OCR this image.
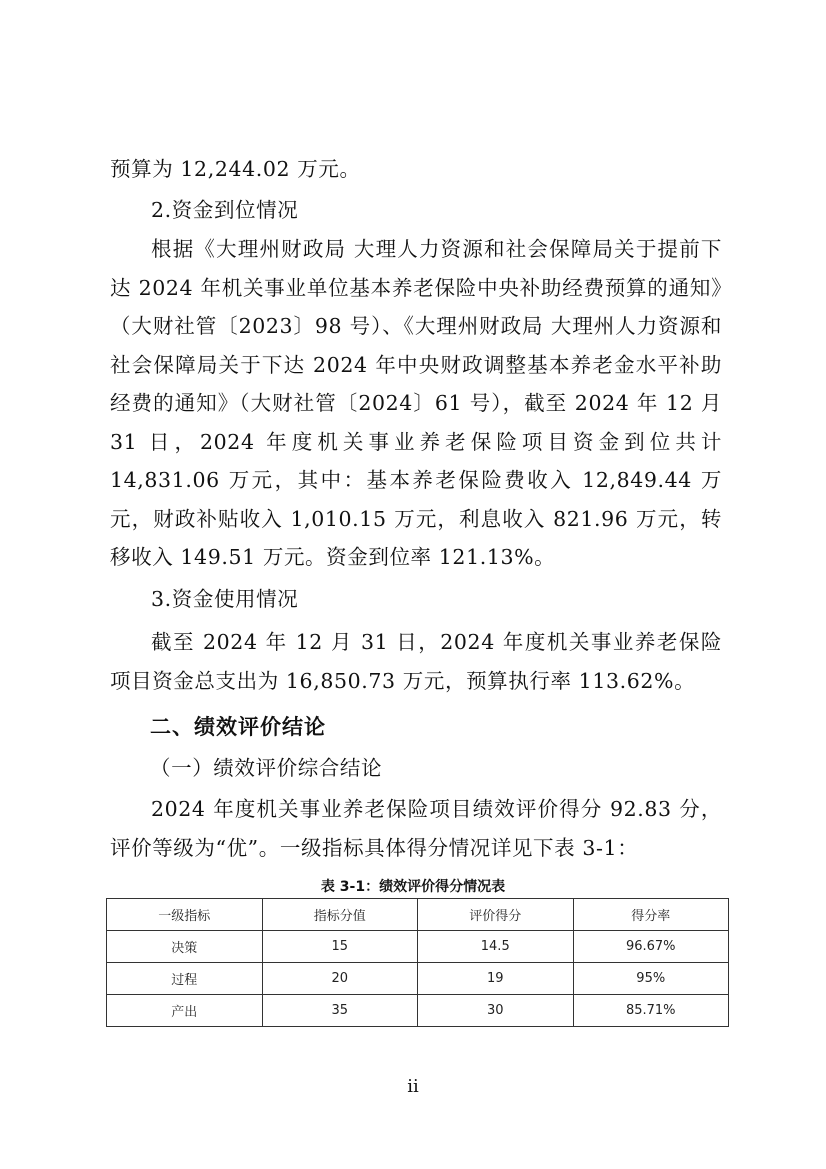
预算为 12,244.02 万元。
2.资金到位情况
根据《大理州财政局 大理人力资源和社会保障局关于提前下达 2024 年机关事业单位基本养老保险中央补助经费预算的通知》（大财社管〔2023〕98 号）、《大理州财政局 大理州人力资源和社会保障局关于下达 2024 年中央财政调整基本养老金水平补助经费的通知》（大财社管〔2024〕61 号），截至 2024 年 12 月 31 日，2024 年度机关事业养老保险项目资金到位共计 14,831.06 万元，其中：基本养老保险费收入 12,849.44 万元，财政补贴收入 1,010.15 万元，利息收入 821.96 万元，转移收入 149.51 万元。资金到位率 121.13%。
3.资金使用情况
截至 2024 年 12 月 31 日，2024 年度机关事业养老保险项目资金总支出为 16,850.73 万元，预算执行率 113.62%。
二、绩效评价结论
（一）绩效评价综合结论
2024 年度机关事业养老保险项目绩效评价得分 92.83 分，评价等级为“优”。一级指标具体得分情况详见下表 3-1：
表 3-1：绩效评价得分情况表
一级指标	指标分值	评价得分	得分率
决策	15	14.5	96.67%
过程	20	19	95%
产出	35	30	85.71%
ii
